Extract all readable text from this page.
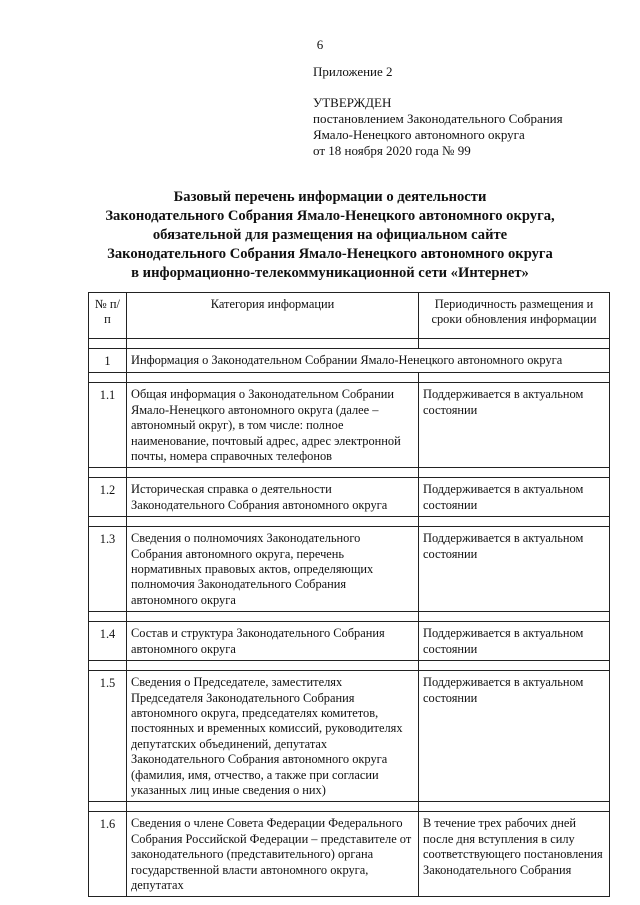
6
Приложение 2
УТВЕРЖДЕН
постановлением Законодательного Собрания
Ямало-Ненецкого автономного округа
от 18 ноября 2020 года № 99
Базовый перечень информации о деятельности
Законодательного Собрания Ямало-Ненецкого автономного округа,
обязательной для размещения на официальном сайте
Законодательного Собрания Ямало-Ненецкого автономного округа
в информационно-телекоммуникационной сети «Интернет»
№ п/п	Категория информации	Периодичность размещения и сроки обновления информации

1	Информация о Законодательном Собрании Ямало-Ненецкого автономного округа	

1.1	Общая информация о Законодательном Собрании Ямало-Ненецкого автономного округа (далее – автономный округ), в том числе: полное наименование, почтовый адрес, адрес электронной почты, номера справочных телефонов	Поддерживается в актуальном состоянии

1.2	Историческая справка о деятельности Законодательного Собрания автономного округа	Поддерживается в актуальном состоянии

1.3	Сведения о полномочиях Законодательного Собрания автономного округа, перечень нормативных правовых актов, определяющих полномочия Законодательного Собрания автономного округа	Поддерживается в актуальном состоянии

1.4	Состав и структура Законодательного Собрания автономного округа	Поддерживается в актуальном состоянии

1.5	Сведения о Председателе, заместителях Председателя Законодательного Собрания автономного округа, председателях комитетов, постоянных и временных комиссий, руководителях депутатских объединений, депутатах Законодательного Собрания автономного округа (фамилия, имя, отчество, а также при согласии указанных лиц иные сведения о них)	Поддерживается в актуальном состоянии

1.6	Сведения о члене Совета Федерации Федерального Собрания Российской Федерации – представителе от законодательного (представительного) органа государственной власти автономного округа, депутатах	В течение трех рабочих дней после дня вступления в силу соответствующего постановления Законодательного Собрания
